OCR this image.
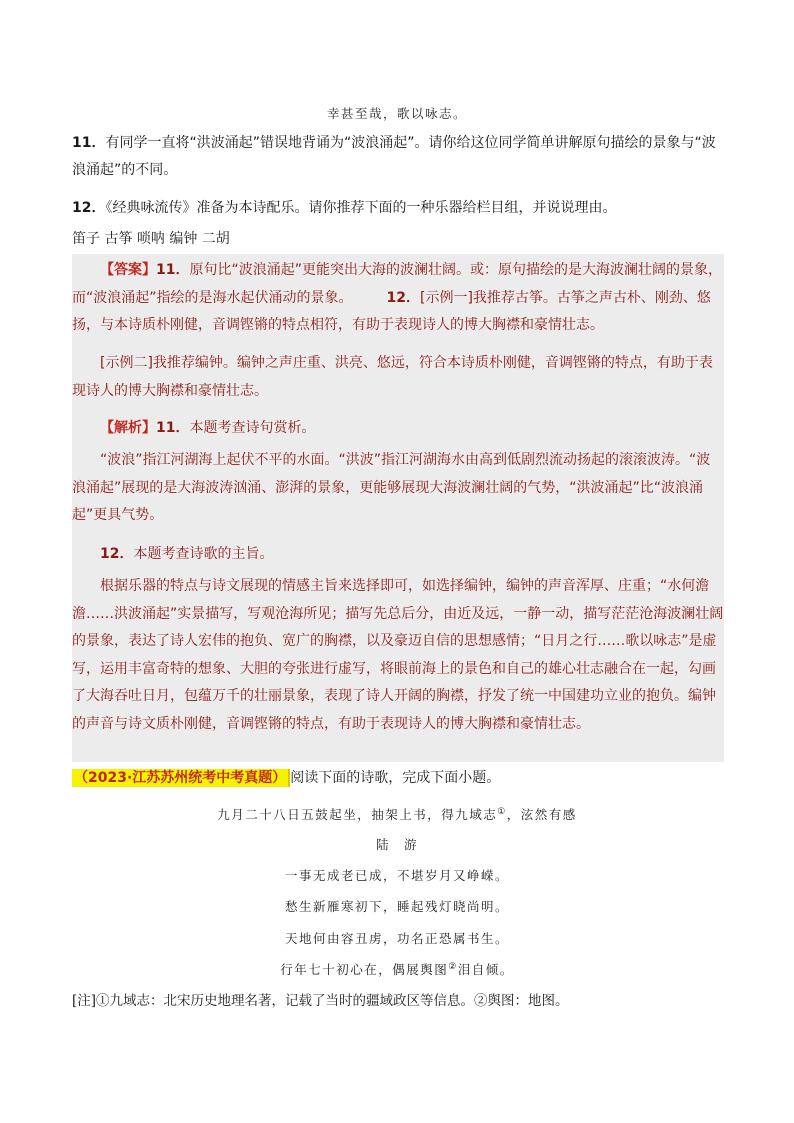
幸甚至哉，歌以咏志。
11．有同学一直将“洪波涌起”错误地背诵为“波浪涌起”。请你给这位同学简单讲解原句描绘的景象与“波浪涌起”的不同。
12．《经典咏流传》准备为本诗配乐。请你推荐下面的一种乐器给栏目组，并说说理由。
笛子 古筝 唢呐 编钟 二胡
【答案】11．原句比“波浪涌起”更能突出大海的波澜壮阔。或：原句描绘的是大海波澜壮阔的景象，而“波浪涌起”指绘的是海水起伏涌动的景象。 12．[示例一]我推荐古筝。古筝之声古朴、刚劲、悠扬，与本诗质朴刚健，音调铿锵的特点相符，有助于表现诗人的博大胸襟和豪情壮志。
[示例二]我推荐编钟。编钟之声庄重、洪亮、悠远，符合本诗质朴刚健，音调铿锵的特点，有助于表现诗人的博大胸襟和豪情壮志。
【解析】11．本题考查诗句赏析。
“波浪”指江河湖海上起伏不平的水面。“洪波”指江河湖海水由高到低剧烈流动扬起的滚滚波涛。“波浪涌起”展现的是大海波涛汹涌、澎湃的景象，更能够展现大海波澜壮阔的气势，“洪波涌起”比“波浪涌起”更具气势。
12．本题考查诗歌的主旨。
根据乐器的特点与诗文展现的情感主旨来选择即可，如选择编钟，编钟的声音浑厚、庄重；“水何澹澹……洪波涌起”实景描写，写观沧海所见；描写先总后分，由近及远，一静一动，描写茫茫沧海波澜壮阔的景象，表达了诗人宏伟的抱负、宽广的胸襟，以及豪迈自信的思想感情；“日月之行……歌以咏志”是虚写，运用丰富奇特的想象、大胆的夸张进行虚写，将眼前海上的景色和自己的雄心壮志融合在一起，勾画了大海吞吐日月，包蕴万千的壮丽景象，表现了诗人开阔的胸襟，抒发了统一中国建功立业的抱负。编钟的声音与诗文质朴刚健，音调铿锵的特点，有助于表现诗人的博大胸襟和豪情壮志。
（2023·江苏苏州统考中考真题） 阅读下面的诗歌，完成下面小题。
九月二十八日五鼓起坐，抽架上书，得九域志①，泫然有感
陆　游
一事无成老已成，不堪岁月又峥嵘。
愁生新雁寒初下，睡起残灯晓尚明。
天地何由容丑虏，功名正恐属书生。
行年七十初心在，偶展舆图②泪自倾。
[注]①九域志：北宋历史地理名著，记载了当时的疆域政区等信息。②舆图：地图。
